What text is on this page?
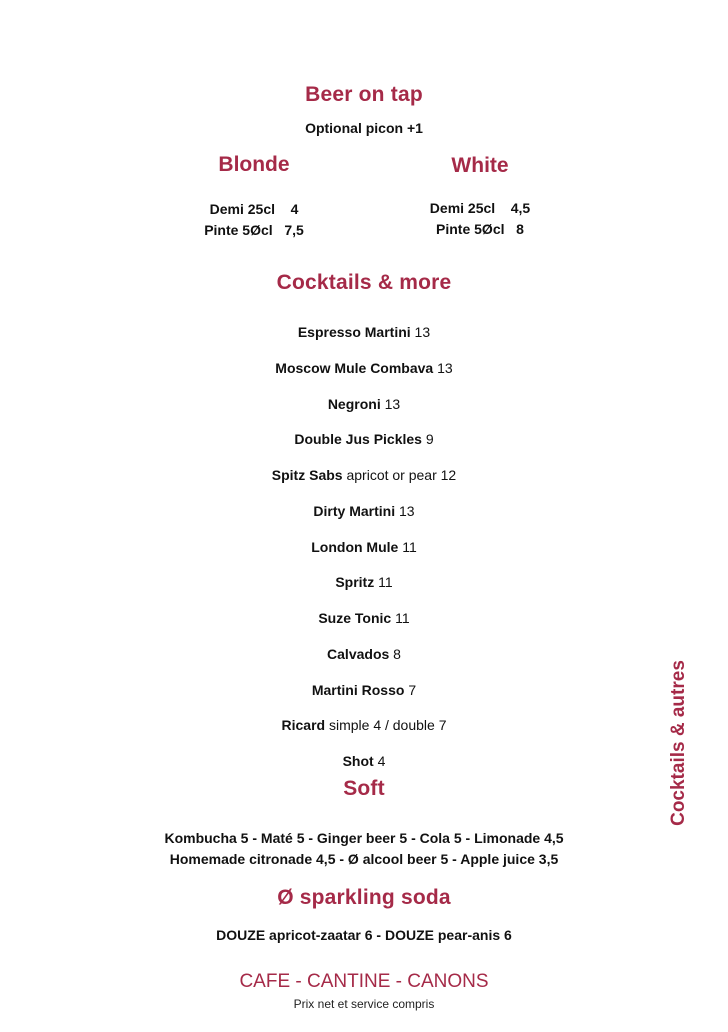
Beer on tap
Optional picon +1
Blonde
Demi 25cl    4
Pinte 5Øcl   7,5
White
Demi 25cl    4,5
Pinte 5Øcl   8
Cocktails & more
Espresso Martini 13
Moscow Mule Combava 13
Negroni 13
Double Jus Pickles 9
Spitz Sabs apricot or pear 12
Dirty Martini 13
London Mule 11
Spritz 11
Suze Tonic 11
Calvados 8
Martini Rosso 7
Ricard simple 4 / double 7
Shot 4
Soft
Kombucha 5 - Maté 5 - Ginger beer 5 - Cola 5 - Limonade 4,5
Homemade citronade 4,5 - Ø alcool beer 5 - Apple juice 3,5
Ø sparkling soda
DOUZE apricot-zaatar 6 - DOUZE pear-anis 6
CAFE - CANTINE - CANONS
Prix net et service compris
Cocktails & autres
